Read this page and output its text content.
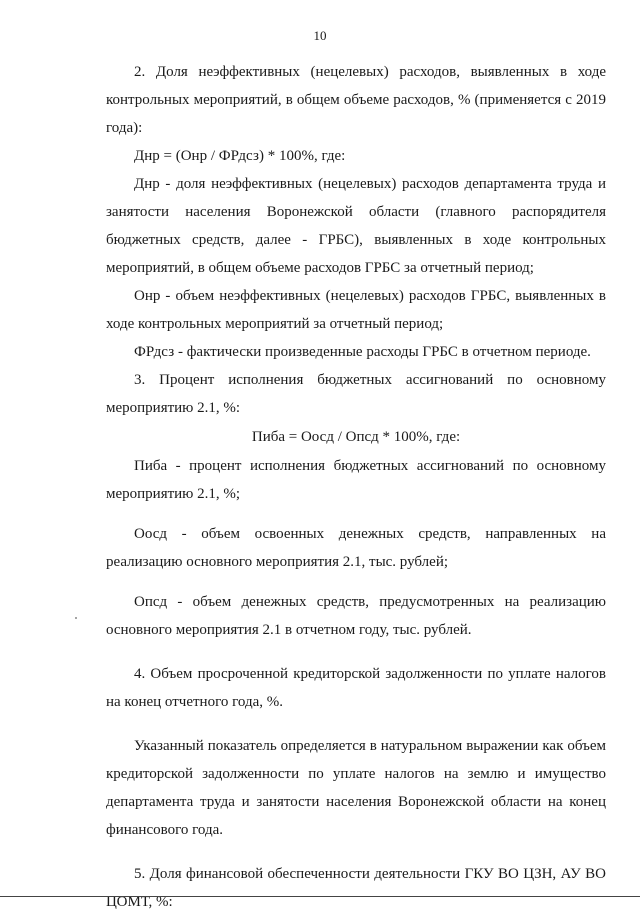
10

2. Доля неэффективных (нецелевых) расходов, выявленных в ходе контрольных мероприятий, в общем объеме расходов, % (применяется с 2019 года):

Днр = (Онр / ФРдсз) * 100%, где:

Днр - доля неэффективных (нецелевых) расходов департамента труда и занятости населения Воронежской области (главного распорядителя бюджетных средств, далее - ГРБС), выявленных в ходе контрольных мероприятий, в общем объеме расходов ГРБС за отчетный период;

Онр - объем неэффективных (нецелевых) расходов ГРБС, выявленных в ходе контрольных мероприятий за отчетный период;

ФРдсз - фактически произведенные расходы ГРБС в отчетном периоде.

3. Процент исполнения бюджетных ассигнований по основному мероприятию 2.1, %:

Пиба = Оосд / Опсд * 100%, где:

Пиба - процент исполнения бюджетных ассигнований по основному мероприятию 2.1, %;

Оосд - объем освоенных денежных средств, направленных на реализацию основного мероприятия 2.1, тыс. рублей;

Опсд - объем денежных средств, предусмотренных на реализацию основного мероприятия 2.1 в отчетном году, тыс. рублей.

4. Объем просроченной кредиторской задолженности по уплате налогов на конец отчетного года, %.

Указанный показатель определяется в натуральном выражении как объем кредиторской задолженности по уплате налогов на землю и имущество департамента труда и занятости населения Воронежской области на конец финансового года.

5. Доля финансовой обеспеченности деятельности ГКУ ВО ЦЗН, АУ ВО ЦОМТ, %:
